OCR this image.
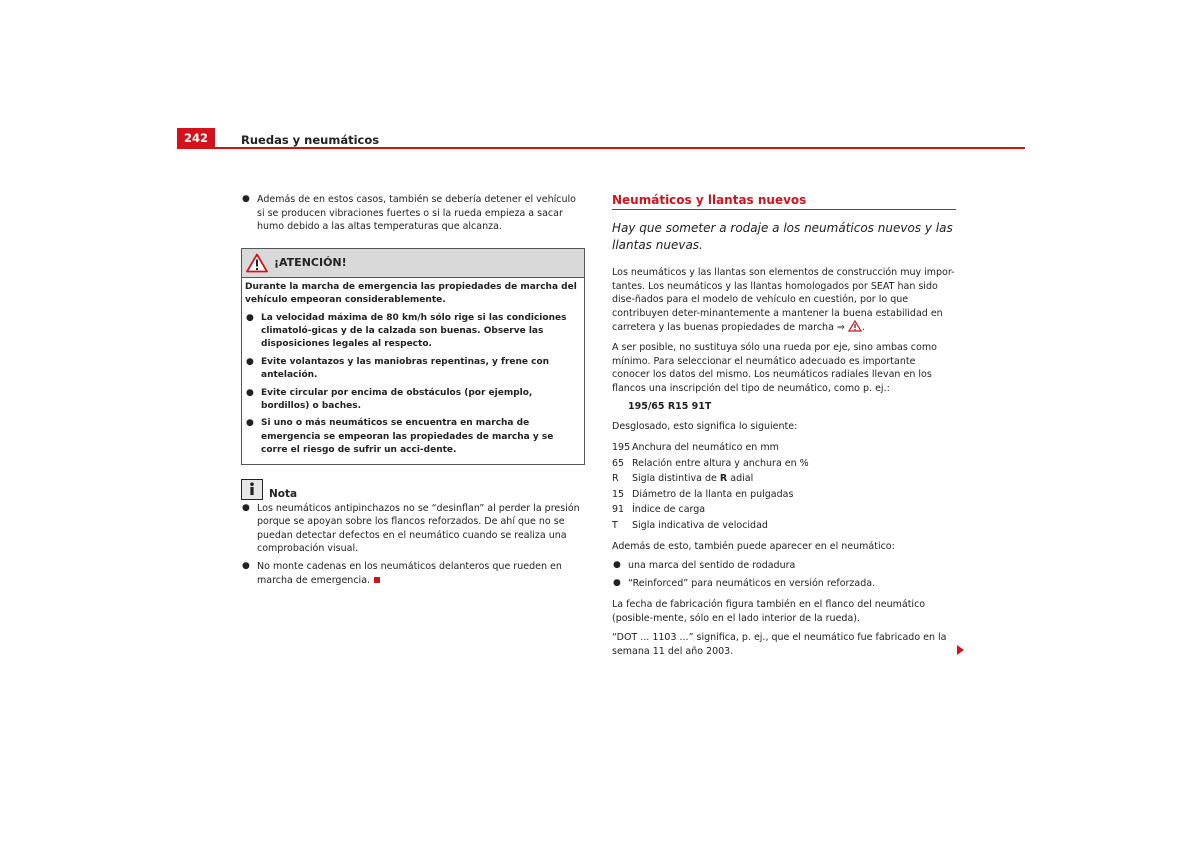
242	Ruedas y neumáticos
● Además de en estos casos, también se debería detener el vehículo si se producen vibraciones fuertes o si la rueda empieza a sacar humo debido a las altas temperaturas que alcanza.
¡ATENCIÓN!

Durante la marcha de emergencia las propiedades de marcha del vehículo empeoran considerablemente.

● La velocidad máxima de 80 km/h sólo rige si las condiciones climatoló-gicas y de la calzada son buenas. Observe las disposiciones legales al respecto.
● Evite volantazos y las maniobras repentinas, y frene con antelación.
● Evite circular por encima de obstáculos (por ejemplo, bordillos) o baches.
● Si uno o más neumáticos se encuentra en marcha de emergencia se empeoran las propiedades de marcha y se corre el riesgo de sufrir un acci-dente.
Nota
● Los neumáticos antipinchazos no se “desinflan” al perder la presión porque se apoyan sobre los flancos reforzados. De ahí que no se puedan detectar defectos en el neumático cuando se realiza una comprobación visual.
● No monte cadenas en los neumáticos delanteros que rueden en marcha de emergencia.
Neumáticos y llantas nuevos

Hay que someter a rodaje a los neumáticos nuevos y las llantas nuevas.

Los neumáticos y las llantas son elementos de construcción muy impor-tantes. Los neumáticos y las llantas homologados por SEAT han sido dise-ñados para el modelo de vehículo en cuestión, por lo que contribuyen deter-minantemente a mantener la buena estabilidad en carretera y las buenas propiedades de marcha ⇒ .

A ser posible, no sustituya sólo una rueda por eje, sino ambas como mínimo. Para seleccionar el neumático adecuado es importante conocer los datos del mismo. Los neumáticos radiales llevan en los flancos una inscripción del tipo de neumático, como p. ej.:

195/65 R15 91T

Desglosado, esto significa lo siguiente:

195 Anchura del neumático en mm
65 Relación entre altura y anchura en %
R	Sigla distintiva de R adial
15 Diámetro de la llanta en pulgadas
91 Índice de carga
T	Sigla indicativa de velocidad

Además de esto, también puede aparecer en el neumático:

● una marca del sentido de rodadura
● “Reinforced” para neumáticos en versión reforzada.

La fecha de fabricación figura también en el flanco del neumático (posible-mente, sólo en el lado interior de la rueda).

“DOT ... 1103 ...” significa, p. ej., que el neumático fue fabricado en la semana 11 del año 2003.
